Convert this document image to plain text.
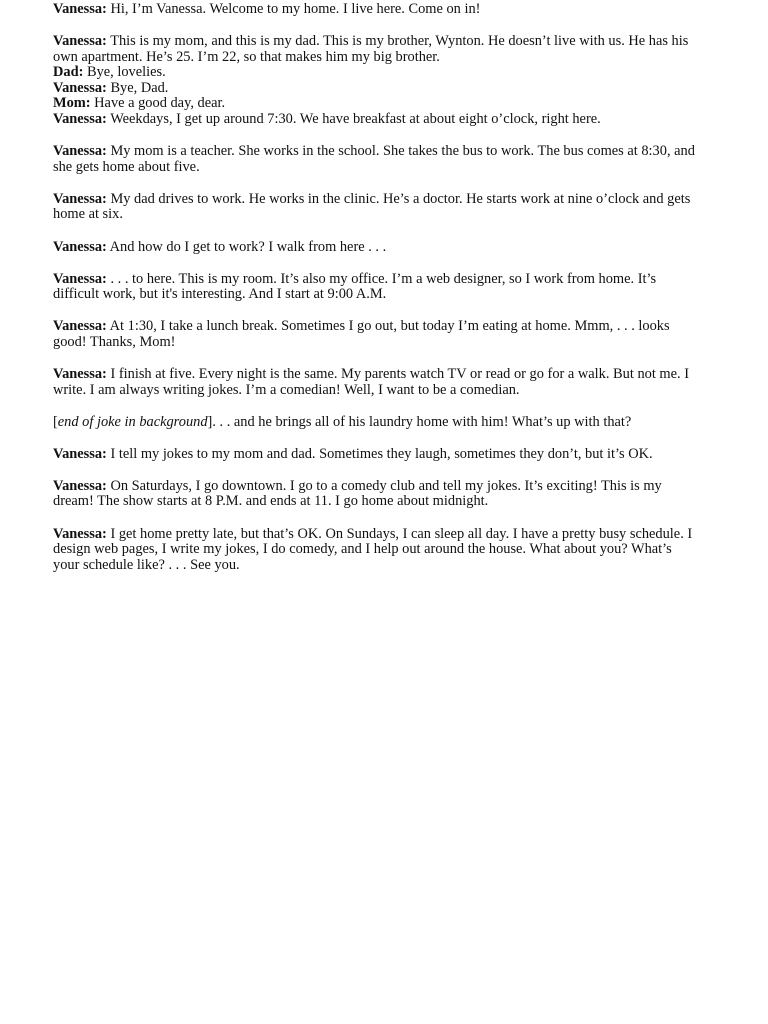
Vanessa: Hi, I’m Vanessa. Welcome to my home. I live here. Come on in!

Vanessa: This is my mom, and this is my dad. This is my brother, Wynton. He doesn’t live with us. He has his own apartment. He’s 25. I’m 22, so that makes him my big brother.

Dad: Bye, lovelies.

Vanessa: Bye, Dad.

Mom: Have a good day, dear.

Vanessa: Weekdays, I get up around 7:30. We have breakfast at about eight o’clock, right here.

Vanessa: My mom is a teacher. She works in the school. She takes the bus to work. The bus comes at 8:30, and she gets home about five.

Vanessa: My dad drives to work. He works in the clinic. He’s a doctor. He starts work at nine o’clock and gets home at six.

Vanessa: And how do I get to work? I walk from here . . .

Vanessa: . . . to here. This is my room. It’s also my office. I’m a web designer, so I work from home. It’s difficult work, but it's interesting. And I start at 9:00 A.M.

Vanessa: At 1:30, I take a lunch break. Sometimes I go out, but today I’m eating at home. Mmm, . . . looks good! Thanks, Mom!

Vanessa: I finish at five. Every night is the same. My parents watch TV or read or go for a walk. But not me. I write. I am always writing jokes. I’m a comedian! Well, I want to be a comedian.

[end of joke in background]. . . and he brings all of his laundry home with him! What’s up with that?

Vanessa: I tell my jokes to my mom and dad. Sometimes they laugh, sometimes they don’t, but it’s OK.

Vanessa: On Saturdays, I go downtown. I go to a comedy club and tell my jokes. It’s exciting! This is my dream! The show starts at 8 P.M. and ends at 11. I go home about midnight.

Vanessa: I get home pretty late, but that’s OK. On Sundays, I can sleep all day. I have a pretty busy schedule. I design web pages, I write my jokes, I do comedy, and I help out around the house. What about you? What’s your schedule like? . . . See you.
